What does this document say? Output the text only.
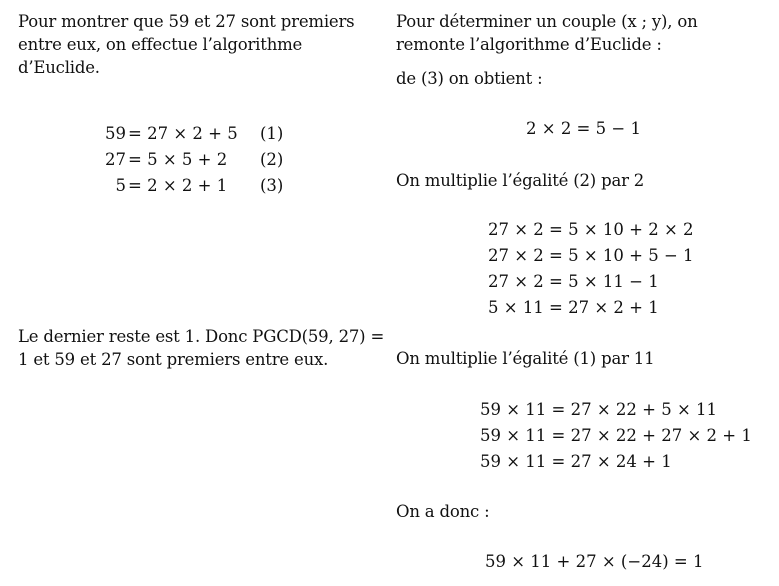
Pour montrer que 59 et 27 sont premiers entre eux, on effectue l’algorithme d’Euclide.
59 = 27 × 2 + 5 (1)
27 = 5 × 5 + 2 (2)
5 = 2 × 2 + 1 (3)
Le dernier reste est 1. Donc PGCD(59, 27) = 1 et 59 et 27 sont premiers entre eux.
Pour déterminer un couple (x ; y), on remonte l’algorithme d’Euclide :
de (3) on obtient :
2 × 2 = 5 − 1
On multiplie l’égalité (2) par 2
27 × 2 = 5 × 10 + 2 × 2
27 × 2 = 5 × 10 + 5 − 1
27 × 2 = 5 × 11 − 1
5 × 11 = 27 × 2 + 1
On multiplie l’égalité (1) par 11
59 × 11 = 27 × 22 + 5 × 11
59 × 11 = 27 × 22 + 27 × 2 + 1
59 × 11 = 27 × 24 + 1
On a donc :
59 × 11 + 27 × (−24) = 1
